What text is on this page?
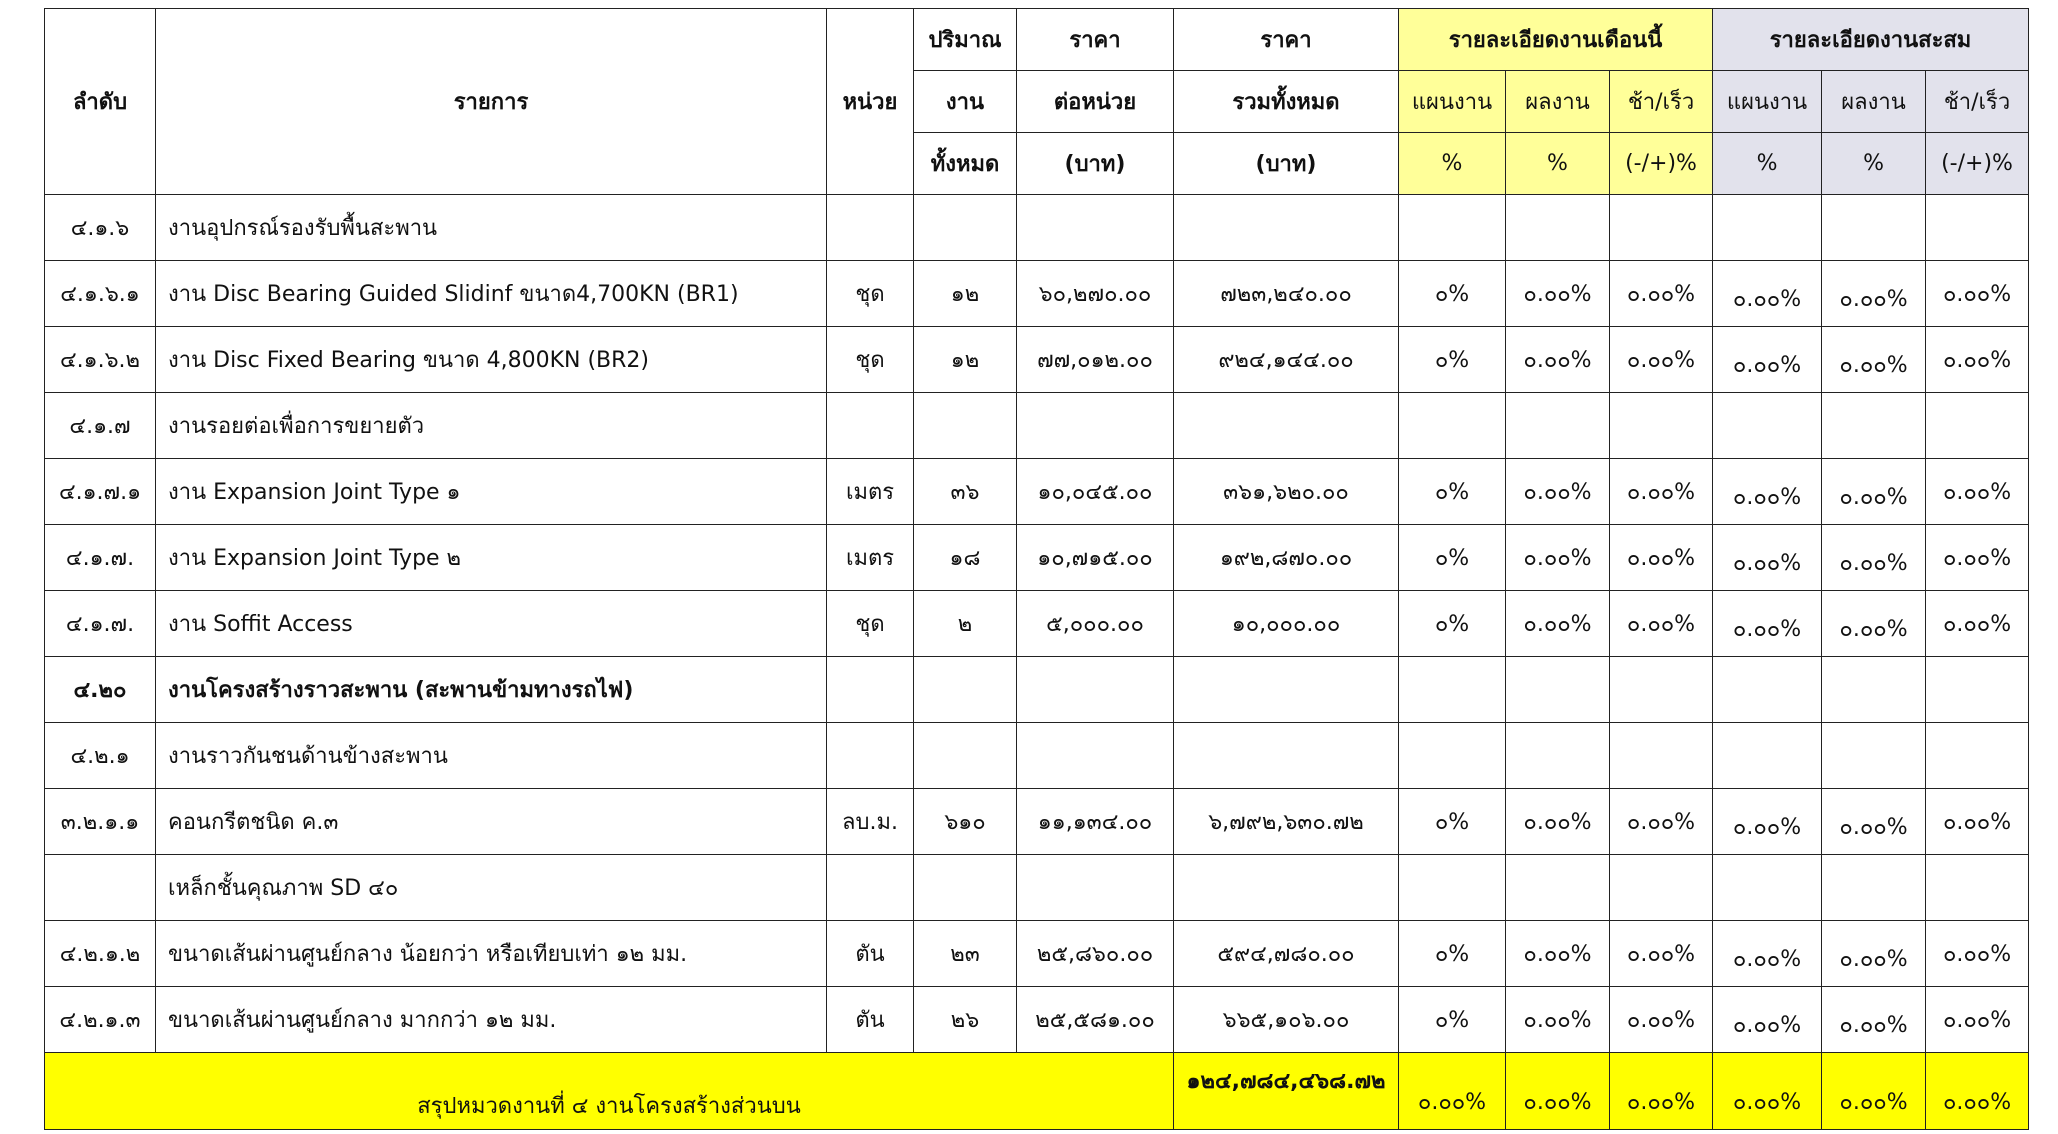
ลำดับ	รายการ	หน่วย	ปริมาณ	ราคา	ราคา	รายละเอียดงานเดือนนี้			รายละเอียดงานสะสม		
			งาน	ต่อหน่วย	รวมทั้งหมด	แผนงาน	ผลงาน	ช้า/เร็ว	แผนงาน	ผลงาน	ช้า/เร็ว
			ทั้งหมด	(บาท)	(บาท)	%	%	(-/+)%	%	%	(-/+)%
๔.๑.๖	งานอุปกรณ์รองรับพื้นสะพาน										
๔.๑.๖.๑	งาน Disc Bearing Guided Slidinf ขนาด4,700KN (BR1)	ชุด	๑๒	๖๐,๒๗๐.๐๐	๗๒๓,๒๔๐.๐๐	๐%	๐.๐๐%	๐.๐๐%	๐.๐๐%	๐.๐๐%	๐.๐๐%
๔.๑.๖.๒	งาน Disc Fixed Bearing ขนาด 4,800KN (BR2)	ชุด	๑๒	๗๗,๐๑๒.๐๐	๙๒๔,๑๔๔.๐๐	๐%	๐.๐๐%	๐.๐๐%	๐.๐๐%	๐.๐๐%	๐.๐๐%
๔.๑.๗	งานรอยต่อเพื่อการขยายตัว										
๔.๑.๗.๑	งาน Expansion Joint Type ๑	เมตร	๓๖	๑๐,๐๔๕.๐๐	๓๖๑,๖๒๐.๐๐	๐%	๐.๐๐%	๐.๐๐%	๐.๐๐%	๐.๐๐%	๐.๐๐%
๔.๑.๗.	งาน Expansion Joint Type ๒	เมตร	๑๘	๑๐,๗๑๕.๐๐	๑๙๒,๘๗๐.๐๐	๐%	๐.๐๐%	๐.๐๐%	๐.๐๐%	๐.๐๐%	๐.๐๐%
๔.๑.๗.	งาน Soffit Access	ชุด	๒	๕,๐๐๐.๐๐	๑๐,๐๐๐.๐๐	๐%	๐.๐๐%	๐.๐๐%	๐.๐๐%	๐.๐๐%	๐.๐๐%
๔.๒๐	งานโครงสร้างราวสะพาน (สะพานข้ามทางรถไฟ)										
๔.๒.๑	งานราวกันชนด้านข้างสะพาน										
๓.๒.๑.๑	คอนกรีตชนิด ค.๓	ลบ.ม.	๖๑๐	๑๑,๑๓๔.๐๐	๖,๗๙๒,๖๓๐.๗๒	๐%	๐.๐๐%	๐.๐๐%	๐.๐๐%	๐.๐๐%	๐.๐๐%
	เหล็กชั้นคุณภาพ SD ๔๐										
๔.๒.๑.๒	ขนาดเส้นผ่านศูนย์กลาง น้อยกว่า หรือเทียบเท่า ๑๒ มม.	ตัน	๒๓	๒๕,๘๖๐.๐๐	๕๙๔,๗๘๐.๐๐	๐%	๐.๐๐%	๐.๐๐%	๐.๐๐%	๐.๐๐%	๐.๐๐%
๔.๒.๑.๓	ขนาดเส้นผ่านศูนย์กลาง มากกว่า ๑๒ มม.	ตัน	๒๖	๒๕,๕๘๑.๐๐	๖๖๕,๑๐๖.๐๐	๐%	๐.๐๐%	๐.๐๐%	๐.๐๐%	๐.๐๐%	๐.๐๐%
สรุปหมวดงานที่ ๔ งานโครงสร้างส่วนบน					๑๒๔,๗๘๔,๔๖๘.๗๒	๐.๐๐%	๐.๐๐%	๐.๐๐%	๐.๐๐%	๐.๐๐%	๐.๐๐%
